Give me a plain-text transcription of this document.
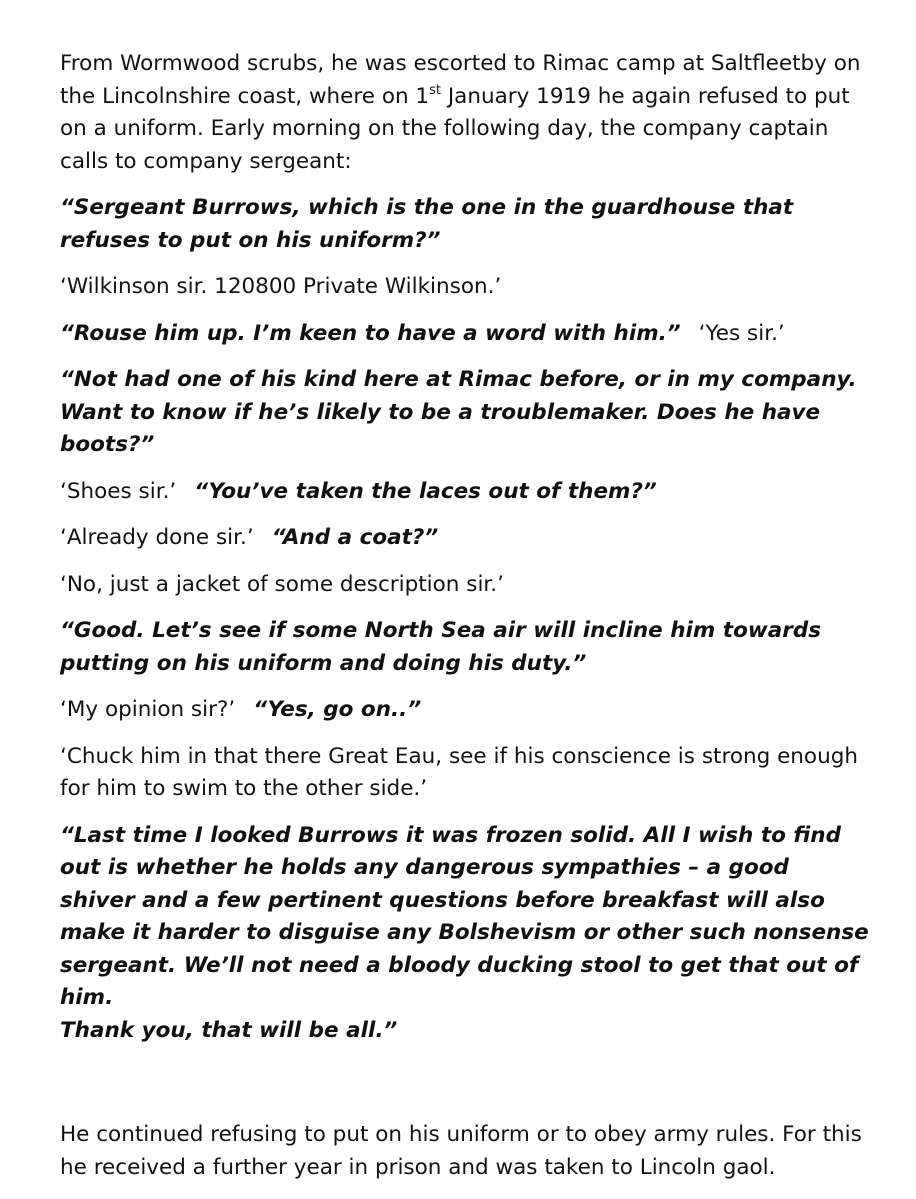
From Wormwood scrubs, he was escorted to Rimac camp at Saltfleetby on the Lincolnshire coast, where on 1st January 1919 he again refused to put on a uniform. Early morning on the following day, the company captain calls to company sergeant:

“Sergeant Burrows, which is the one in the guardhouse that refuses to put on his uniform?”

‘Wilkinson sir. 120800 Private Wilkinson.’

“Rouse him up. I’m keen to have a word with him.” ‘Yes sir.’

“Not had one of his kind here at Rimac before, or in my company. Want to know if he’s likely to be a troublemaker. Does he have boots?”

‘Shoes sir.’ “You’ve taken the laces out of them?”

‘Already done sir.’ “And a coat?”

‘No, just a jacket of some description sir.’

“Good. Let’s see if some North Sea air will incline him towards putting on his uniform and doing his duty.”

‘My opinion sir?’ “Yes, go on..”

‘Chuck him in that there Great Eau, see if his conscience is strong enough for him to swim to the other side.’

“Last time I looked Burrows it was frozen solid. All I wish to find out is whether he holds any dangerous sympathies – a good shiver and a few pertinent questions before breakfast will also make it harder to disguise any Bolshevism or other such nonsense sergeant. We’ll not need a bloody ducking stool to get that out of him.
Thank you, that will be all.”

He continued refusing to put on his uniform or to obey army rules. For this he received a further year in prison and was taken to Lincoln gaol.
